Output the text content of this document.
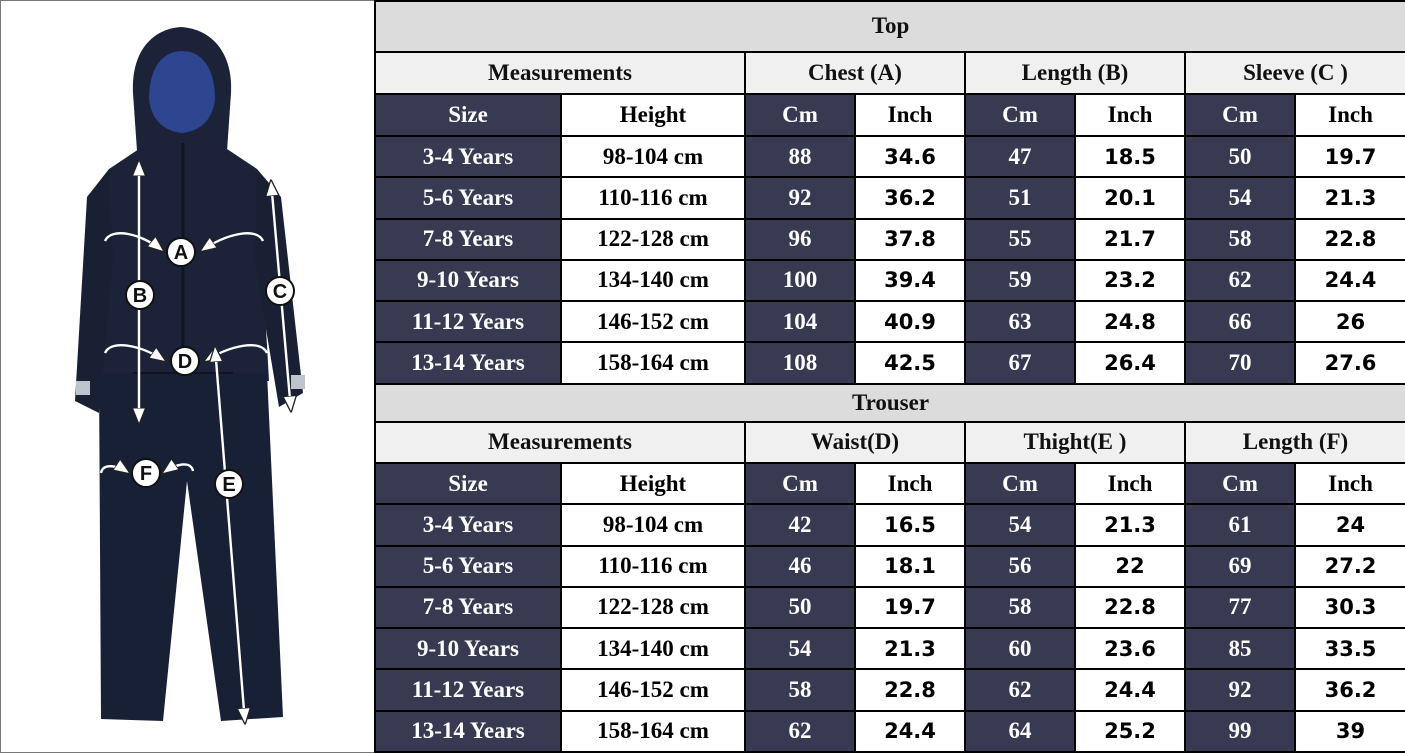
A
B	C
D
E
F
Top							
Measurements		Chest (A)		Length (B)		Sleeve (C )	
Size	Height	Cm	Inch	Cm	Inch	Cm	Inch
3-4 Years	98-104 cm	88	34.6	47	18.5	50	19.7
5-6 Years	110-116 cm	92	36.2	51	20.1	54	21.3
7-8 Years	122-128 cm	96	37.8	55	21.7	58	22.8
9-10 Years	134-140 cm	100	39.4	59	23.2	62	24.4
11-12 Years	146-152 cm	104	40.9	63	24.8	66	26
13-14 Years	158-164 cm	108	42.5	67	26.4	70	27.6
Trouser							
Measurements		Waist(D)		Thight(E )		Length (F)	
Size	Height	Cm	Inch	Cm	Inch	Cm	Inch
3-4 Years	98-104 cm	42	16.5	54	21.3	61	24
5-6 Years	110-116 cm	46	18.1	56	22	69	27.2
7-8 Years	122-128 cm	50	19.7	58	22.8	77	30.3
9-10 Years	134-140 cm	54	21.3	60	23.6	85	33.5
11-12 Years	146-152 cm	58	22.8	62	24.4	92	36.2
13-14 Years	158-164 cm	62	24.4	64	25.2	99	39
